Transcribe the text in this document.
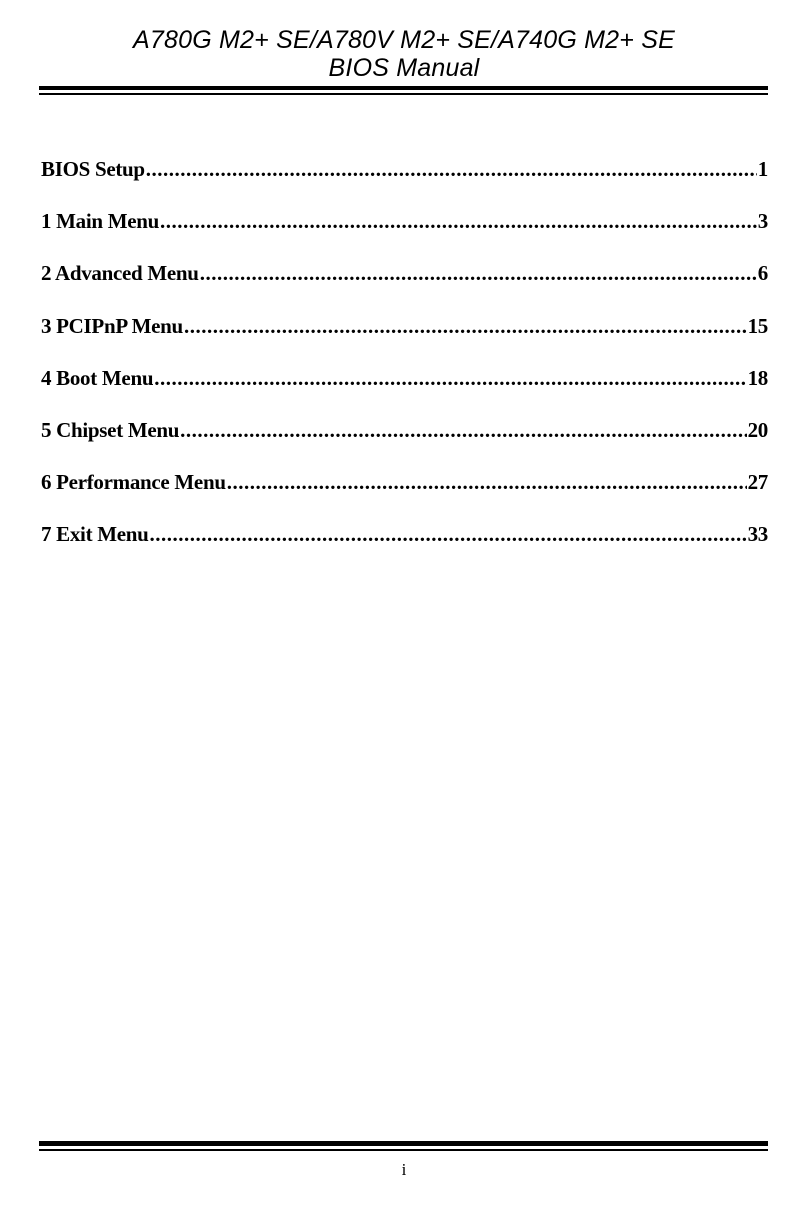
A780G M2+ SE/A780V M2+ SE/A740G M2+ SE
BIOS Manual
BIOS Setup .....	1
1 Main Menu .....	3
2 Advanced Menu .....	6
3 PCIPnP Menu .....	15
4 Boot Menu .....	18
5 Chipset Menu .....	20
6 Performance Menu .....	27
7 Exit Menu .....	33
i
